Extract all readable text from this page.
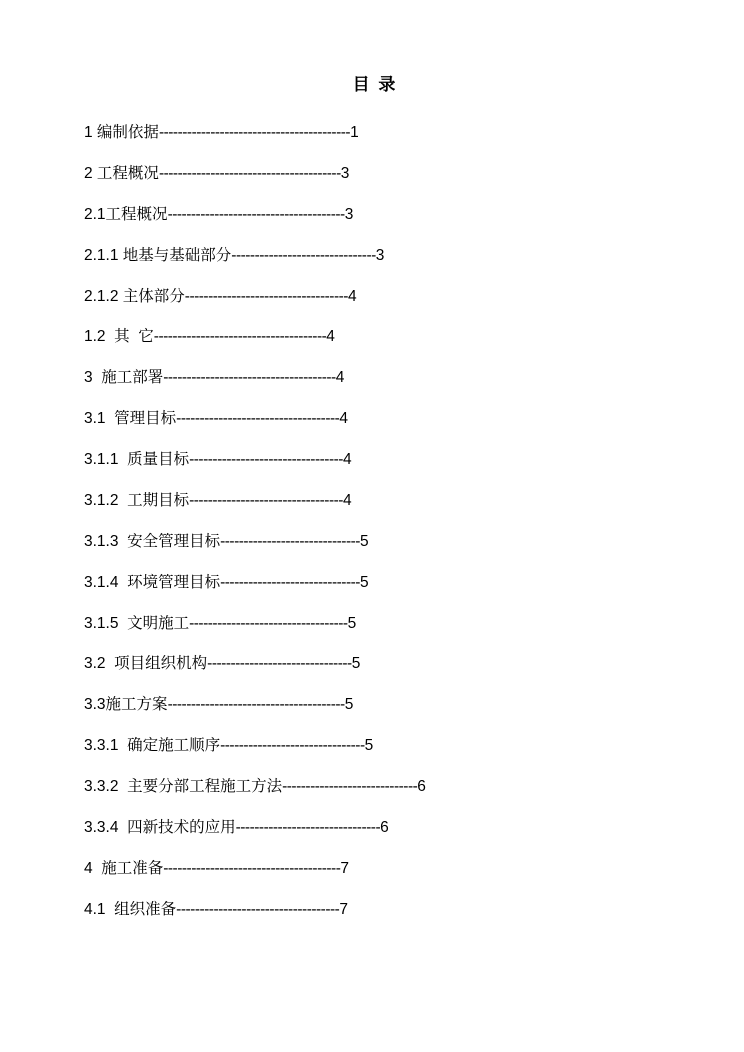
目 录
1 编制依据-----------------------------------------1
2 工程概况---------------------------------------3
2.1工程概况--------------------------------------3
2.1.1 地基与基础部分-------------------------------3
2.1.2 主体部分-----------------------------------4
1.2  其  它-------------------------------------4
3  施工部署-------------------------------------4
3.1  管理目标-----------------------------------4
3.1.1  质量目标---------------------------------4
3.1.2  工期目标---------------------------------4
3.1.3  安全管理目标------------------------------5
3.1.4  环境管理目标------------------------------5
3.1.5  文明施工----------------------------------5
3.2  项目组织机构-------------------------------5
3.3施工方案--------------------------------------5
3.3.1  确定施工顺序-------------------------------5
3.3.2  主要分部工程施工方法-----------------------------6
3.3.4  四新技术的应用-------------------------------6
4  施工准备--------------------------------------7
4.1  组织准备-----------------------------------7
